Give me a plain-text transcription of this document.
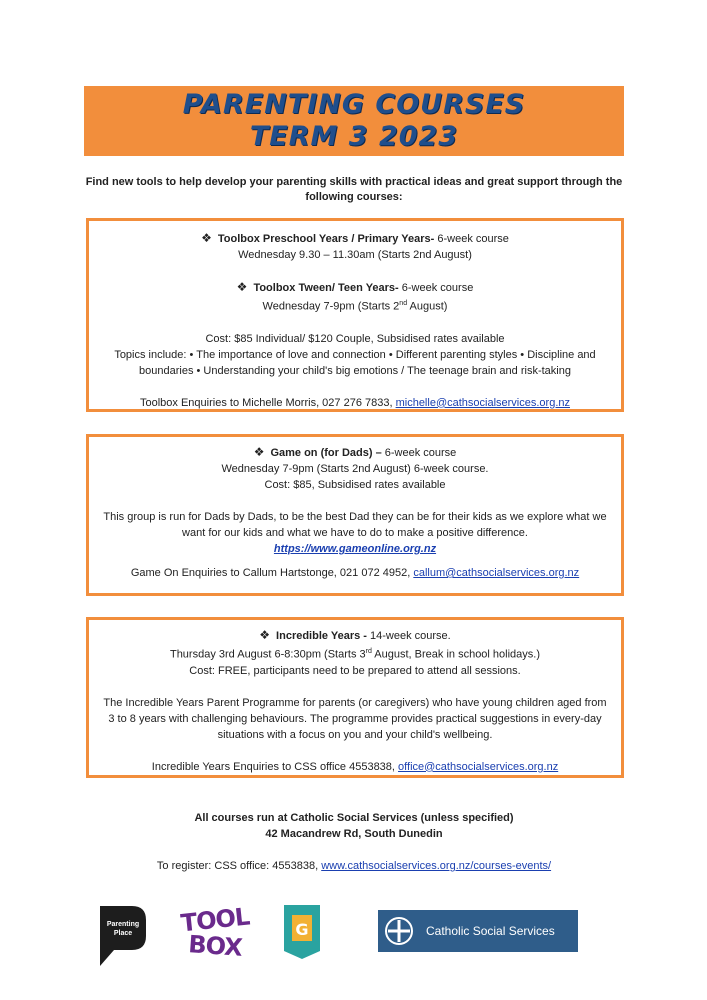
PARENTING COURSES
TERM 3 2023
Find new tools to help develop your parenting skills with practical ideas and great support through the following courses:
❖ Toolbox Preschool Years / Primary Years- 6-week course
Wednesday 9.30 – 11.30am (Starts 2nd August)
❖ Toolbox Tween/ Teen Years- 6-week course
Wednesday 7-9pm (Starts 2nd August)
Cost: $85 Individual/ $120 Couple, Subsidised rates available
Topics include: • The importance of love and connection • Different parenting styles • Discipline and boundaries • Understanding your child's big emotions / The teenage brain and risk-taking
Toolbox Enquiries to Michelle Morris, 027 276 7833, michelle@cathsocialservices.org.nz
❖ Game on (for Dads) – 6-week course
Wednesday 7-9pm (Starts 2nd August) 6-week course.
Cost: $85, Subsidised rates available
This group is run for Dads by Dads, to be the best Dad they can be for their kids as we explore what we want for our kids and what we have to do to make a positive difference.
https://www.gameonline.org.nz
Game On Enquiries to Callum Hartstonge, 021 072 4952, callum@cathsocialservices.org.nz
❖ Incredible Years - 14-week course.
Thursday 3rd August 6-8:30pm (Starts 3rd August, Break in school holidays.)
Cost: FREE, participants need to be prepared to attend all sessions.
The Incredible Years Parent Programme for parents (or caregivers) who have young children aged from 3 to 8 years with challenging behaviours. The programme provides practical suggestions in every-day situations with a focus on you and your child's wellbeing.
Incredible Years Enquiries to CSS office 4553838, office@cathsocialservices.org.nz
All courses run at Catholic Social Services (unless specified)
42 Macandrew Rd, South Dunedin
To register: CSS office: 4553838, www.cathsocialservices.org.nz/courses-events/
Parenting Place	TOOL
BOX
G	Catholic Social Services
